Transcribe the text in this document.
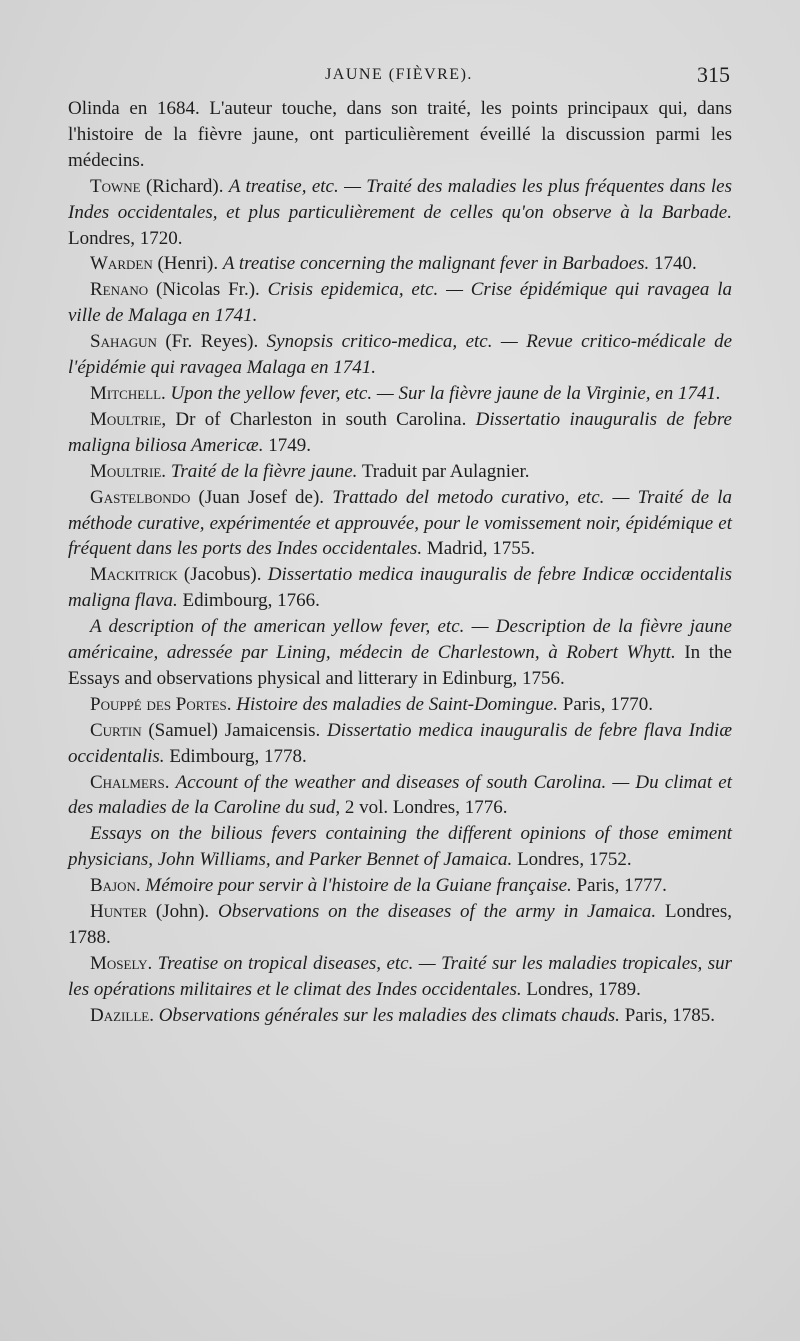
JAUNE (FIÈVRE).	315

Olinda en 1684. L'auteur touche, dans son traité, les points principaux qui, dans l'histoire de la fièvre jaune, ont particulièrement éveillé la discussion parmi les médecins.

Towne (Richard). A treatise, etc. — Traité des maladies les plus fréquentes dans les Indes occidentales, et plus particulièrement de celles qu'on observe à la Barbade. Londres, 1720.

Warden (Henri). A treatise concerning the malignant fever in Barbadoes. 1740.

Renano (Nicolas Fr.). Crisis epidemica, etc. — Crise épidémique qui ravagea la ville de Malaga en 1741.

Sahagun (Fr. Reyes). Synopsis critico-medica, etc. — Revue critico-médicale de l'épidémie qui ravagea Malaga en 1741.

Mitchell. Upon the yellow fever, etc. — Sur la fièvre jaune de la Virginie, en 1741.

Moultrie, Dr of Charleston in south Carolina. Dissertatio inauguralis de febre maligna biliosa Americæ. 1749.

Moultrie. Traité de la fièvre jaune. Traduit par Aulagnier.

Gastelbondo (Juan Josef de). Trattado del metodo curativo, etc. — Traité de la méthode curative, expérimentée et approuvée, pour le vomissement noir, épidémique et fréquent dans les ports des Indes occidentales. Madrid, 1755.

Mackitrick (Jacobus). Dissertatio medica inauguralis de febre Indicæ occidentalis maligna flava. Edimbourg, 1766.

A description of the american yellow fever, etc. — Description de la fièvre jaune américaine, adressée par Lining, médecin de Charlestown, à Robert Whytt. In the Essays and observations physical and litterary in Edinburg, 1756.

Pouppé des Portes. Histoire des maladies de Saint-Domingue. Paris, 1770.

Curtin (Samuel) Jamaicensis. Dissertatio medica inauguralis de febre flava Indiæ occidentalis. Edimbourg, 1778.

Chalmers. Account of the weather and diseases of south Carolina. — Du climat et des maladies de la Caroline du sud, 2 vol. Londres, 1776.

Essays on the bilious fevers containing the different opinions of those emiment physicians, John Williams, and Parker Bennet of Jamaica. Londres, 1752.

Bajon. Mémoire pour servir à l'histoire de la Guiane française. Paris, 1777.

Hunter (John). Observations on the diseases of the army in Jamaica. Londres, 1788.

Mosely. Treatise on tropical diseases, etc. — Traité sur les maladies tropicales, sur les opérations militaires et le climat des Indes occidentales. Londres, 1789.

Dazille. Observations générales sur les maladies des climats chauds. Paris, 1785.
